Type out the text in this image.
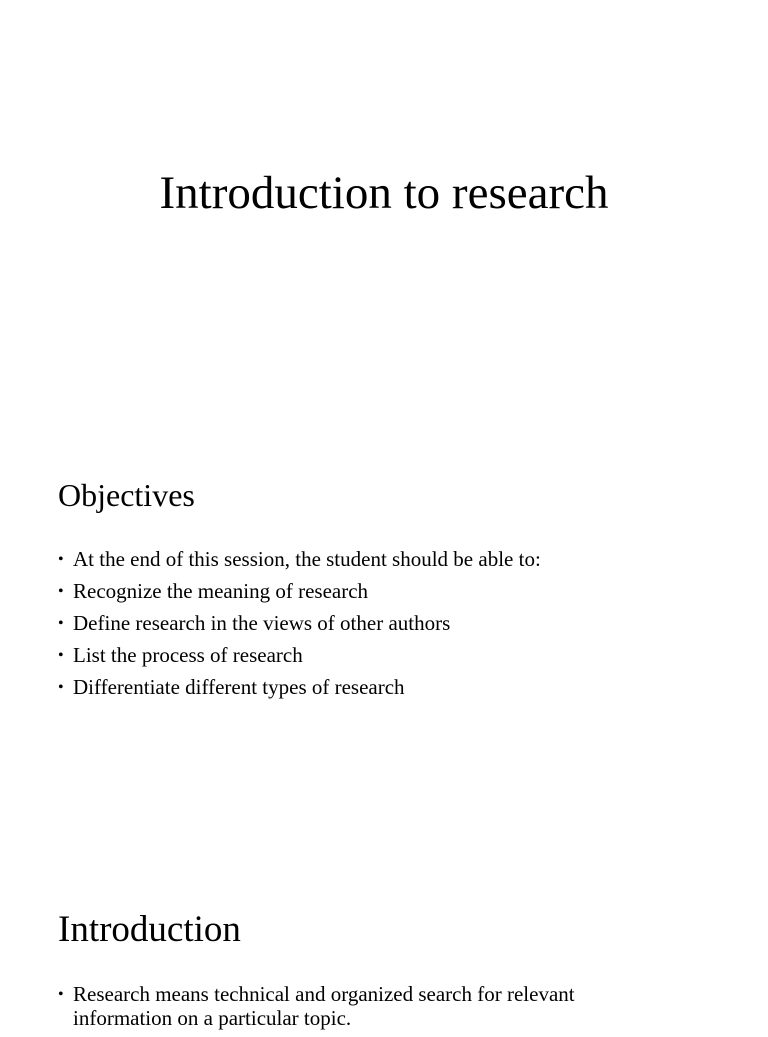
Introduction to research
Objectives
• At the end of this session, the student should be able to:
• Recognize the meaning of research
• Define research in the views of other authors
• List the process of research
• Differentiate different types of research
Introduction
• Research means technical and organized search for relevant information on a particular topic.
